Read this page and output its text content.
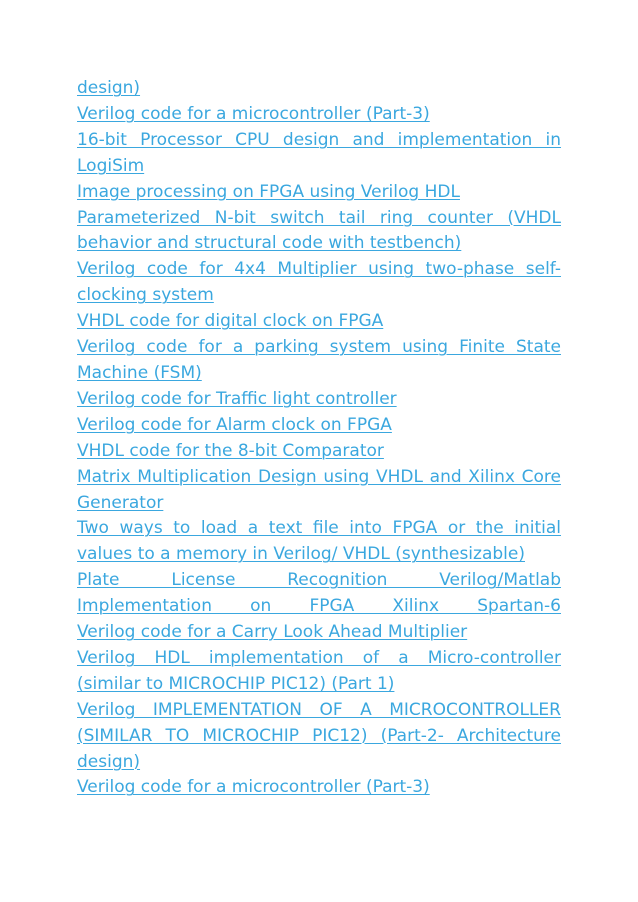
design)
Verilog code for a microcontroller (Part-3)
16-bit Processor CPU design and implementation in LogiSim
Image processing on FPGA using Verilog HDL
Parameterized N-bit switch tail ring counter (VHDL behavior and structural code with testbench)
Verilog code for 4x4 Multiplier using two-phase self-clocking system
VHDL code for digital clock on FPGA
Verilog code for a parking system using Finite State Machine (FSM)
Verilog code for Traffic light controller
Verilog code for Alarm clock on FPGA
VHDL code for the 8-bit Comparator
Matrix Multiplication Design using VHDL and Xilinx Core Generator
Two ways to load a text file into FPGA or the initial values to a memory in Verilog/ VHDL (synthesizable)
Plate License Recognition Verilog/Matlab Implementation on FPGA Xilinx Spartan-6
Verilog code for a Carry Look Ahead Multiplier
Verilog HDL implementation of a Micro-controller (similar to MICROCHIP PIC12) (Part 1)
Verilog IMPLEMENTATION OF A MICROCONTROLLER (SIMILAR TO MICROCHIP PIC12) (Part-2- Architecture design)
Verilog code for a microcontroller (Part-3)
